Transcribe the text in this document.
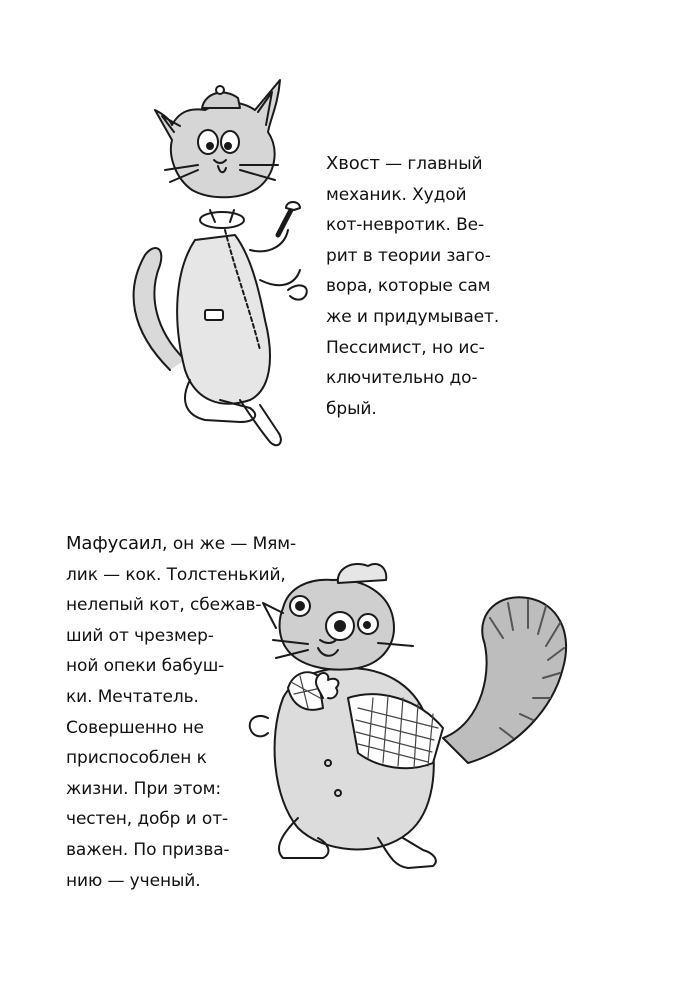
Хвост — главный
механик. Худой
кот-невротик. Ве-
рит в теории заго-
вора, которые сам
же и придумывает.
Пессимист, но ис-
ключительно до-
брый.
Мафусаил, он же — Мям-
лик — кок. Толстенький,
нелепый кот, сбежав-
ший от чрезмер-
ной опеки бабуш-
ки. Мечтатель.
Совершенно не
приспособлен к
жизни. При этом:
честен, добр и от-
важен. По призва-
нию — ученый.
